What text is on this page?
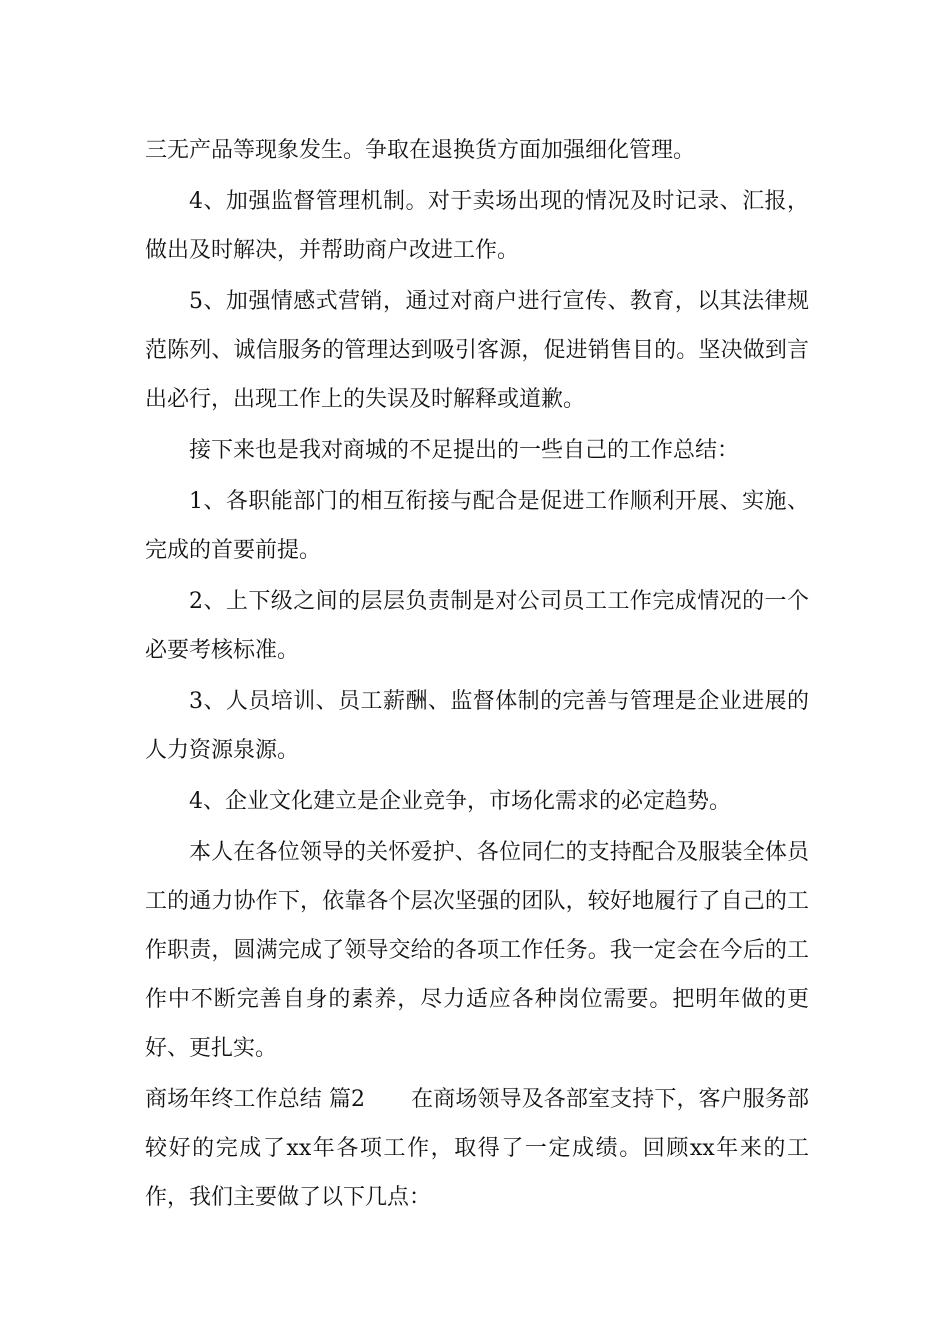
三无产品等现象发生。争取在退换货方面加强细化管理。

4、加强监督管理机制。对于卖场出现的情况及时记录、汇报，做出及时解决，并帮助商户改进工作。

5、加强情感式营销，通过对商户进行宣传、教育，以其法律规范陈列、诚信服务的管理达到吸引客源，促进销售目的。坚决做到言出必行，出现工作上的失误及时解释或道歉。

接下来也是我对商城的不足提出的一些自己的工作总结：

1、各职能部门的相互衔接与配合是促进工作顺利开展、实施、完成的首要前提。

2、上下级之间的层层负责制是对公司员工工作完成情况的一个必要考核标准。

3、人员培训、员工薪酬、监督体制的完善与管理是企业进展的人力资源泉源。

4、企业文化建立是企业竞争，市场化需求的必定趋势。

本人在各位领导的关怀爱护、各位同仁的支持配合及服装全体员工的通力协作下，依靠各个层次坚强的团队，较好地履行了自己的工作职责，圆满完成了领导交给的各项工作任务。我一定会在今后的工作中不断完善自身的素养，尽力适应各种岗位需要。把明年做的更好、更扎实。

商场年终工作总结 篇2 在商场领导及各部室支持下，客户服务部较好的完成了xx年各项工作，取得了一定成绩。回顾xx年来的工作，我们主要做了以下几点：
